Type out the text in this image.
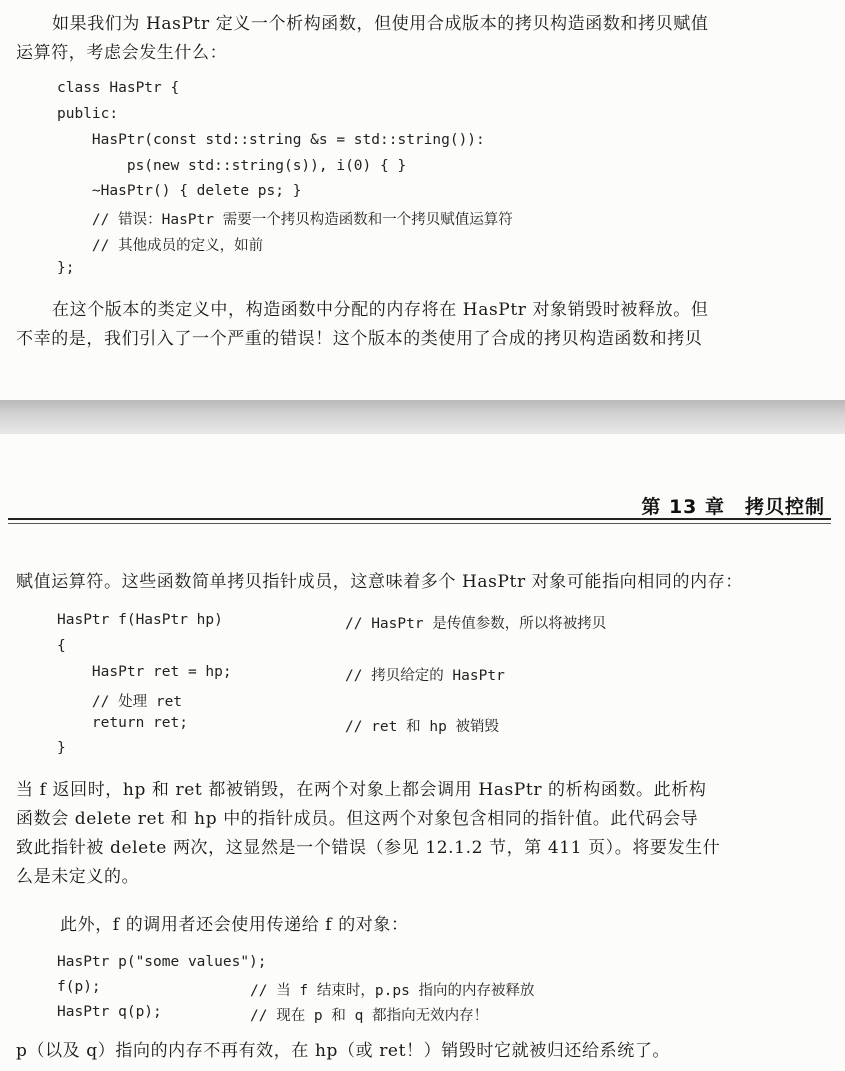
如果我们为 HasPtr 定义一个析构函数，但使用合成版本的拷贝构造函数和拷贝赋值

运算符，考虑会发生什么：

class HasPtr {
public:
HasPtr(const std::string &s = std::string()):
ps(new std::string(s)), i(0) { }
~HasPtr() { delete ps; }
// 错误：HasPtr 需要一个拷贝构造函数和一个拷贝赋值运算符
// 其他成员的定义，如前
};

在这个版本的类定义中，构造函数中分配的内存将在 HasPtr 对象销毁时被释放。但

不幸的是，我们引入了一个严重的错误！这个版本的类使用了合成的拷贝构造函数和拷贝

第 13 章　拷贝控制

赋值运算符。这些函数简单拷贝指针成员，这意味着多个 HasPtr 对象可能指向相同的内存：

HasPtr f(HasPtr hp)	// HasPtr 是传值参数，所以将被拷贝
{
HasPtr ret = hp;	// 拷贝给定的 HasPtr
// 处理 ret
return ret;	// ret 和 hp 被销毁
}

当 f 返回时，hp 和 ret 都被销毁，在两个对象上都会调用 HasPtr 的析构函数。此析构

函数会 delete ret 和 hp 中的指针成员。但这两个对象包含相同的指针值。此代码会导

致此指针被 delete 两次，这显然是一个错误（参见 12.1.2 节，第 411 页）。将要发生什

么是未定义的。

此外，f 的调用者还会使用传递给 f 的对象：

HasPtr p("some values");
f(p);	// 当 f 结束时，p.ps 指向的内存被释放
HasPtr q(p);	// 现在 p 和 q 都指向无效内存！

p（以及 q）指向的内存不再有效，在 hp（或 ret！）销毁时它就被归还给系统了。
